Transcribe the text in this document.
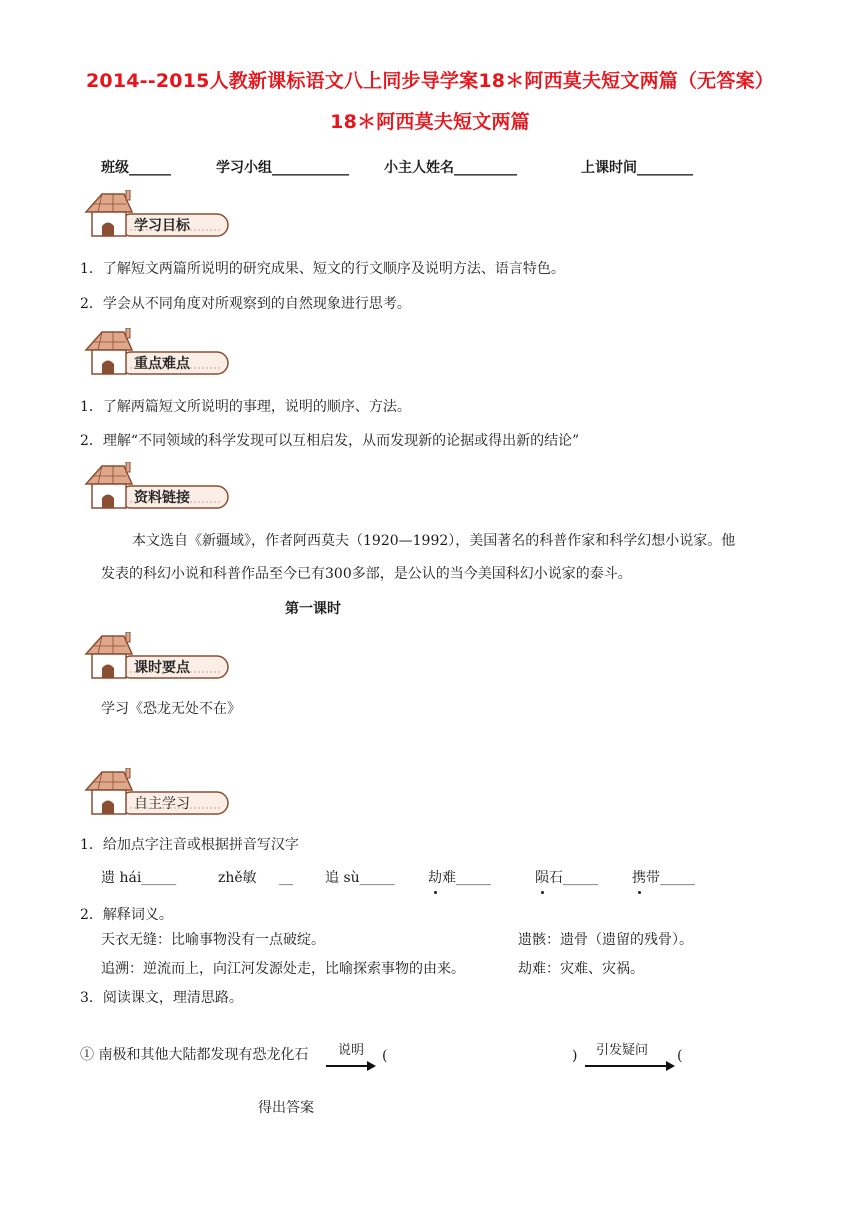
2014--2015人教新课标语文八上同步导学案18＊阿西莫夫短文两篇（无答案）
18＊阿西莫夫短文两篇
班级______	学习小组___________	小主人姓名_________	上课时间________
学习目标
1．了解短文两篇所说明的研究成果、短文的行文顺序及说明方法、语言特色。
2．学会从不同角度对所观察到的自然现象进行思考。
重点难点
1．了解两篇短文所说明的事理，说明的顺序、方法。
2．理解“不同领域的科学发现可以互相启发，从而发现新的论据或得出新的结论”
资料链接
本文选自《新疆域》，作者阿西莫夫（1920—1992），美国著名的科普作家和科学幻想小说家。他
发表的科幻小说和科普作品至今已有300多部，是公认的当今美国科幻小说家的泰斗。
第一课时
课时要点
学习《恐龙无处不在》
自主学习
1．给加点字注音或根据拼音写汉字
遗 hái_____	zhě敏 __ 追 sù_____ 劫难_____	陨石_____ 携带_____
2．解释词义。
天衣无缝：比喻事物没有一点破绽。	遗骸：遗骨（遗留的残骨）。
追溯：逆流而上，向江河发源处走，比喻探索事物的由来。	劫难：灾难、灾祸。
3．阅读课文，理清思路。
① 南极和其他大陆都发现有恐龙化石 说明 (	) 引发疑问 (
得出答案
